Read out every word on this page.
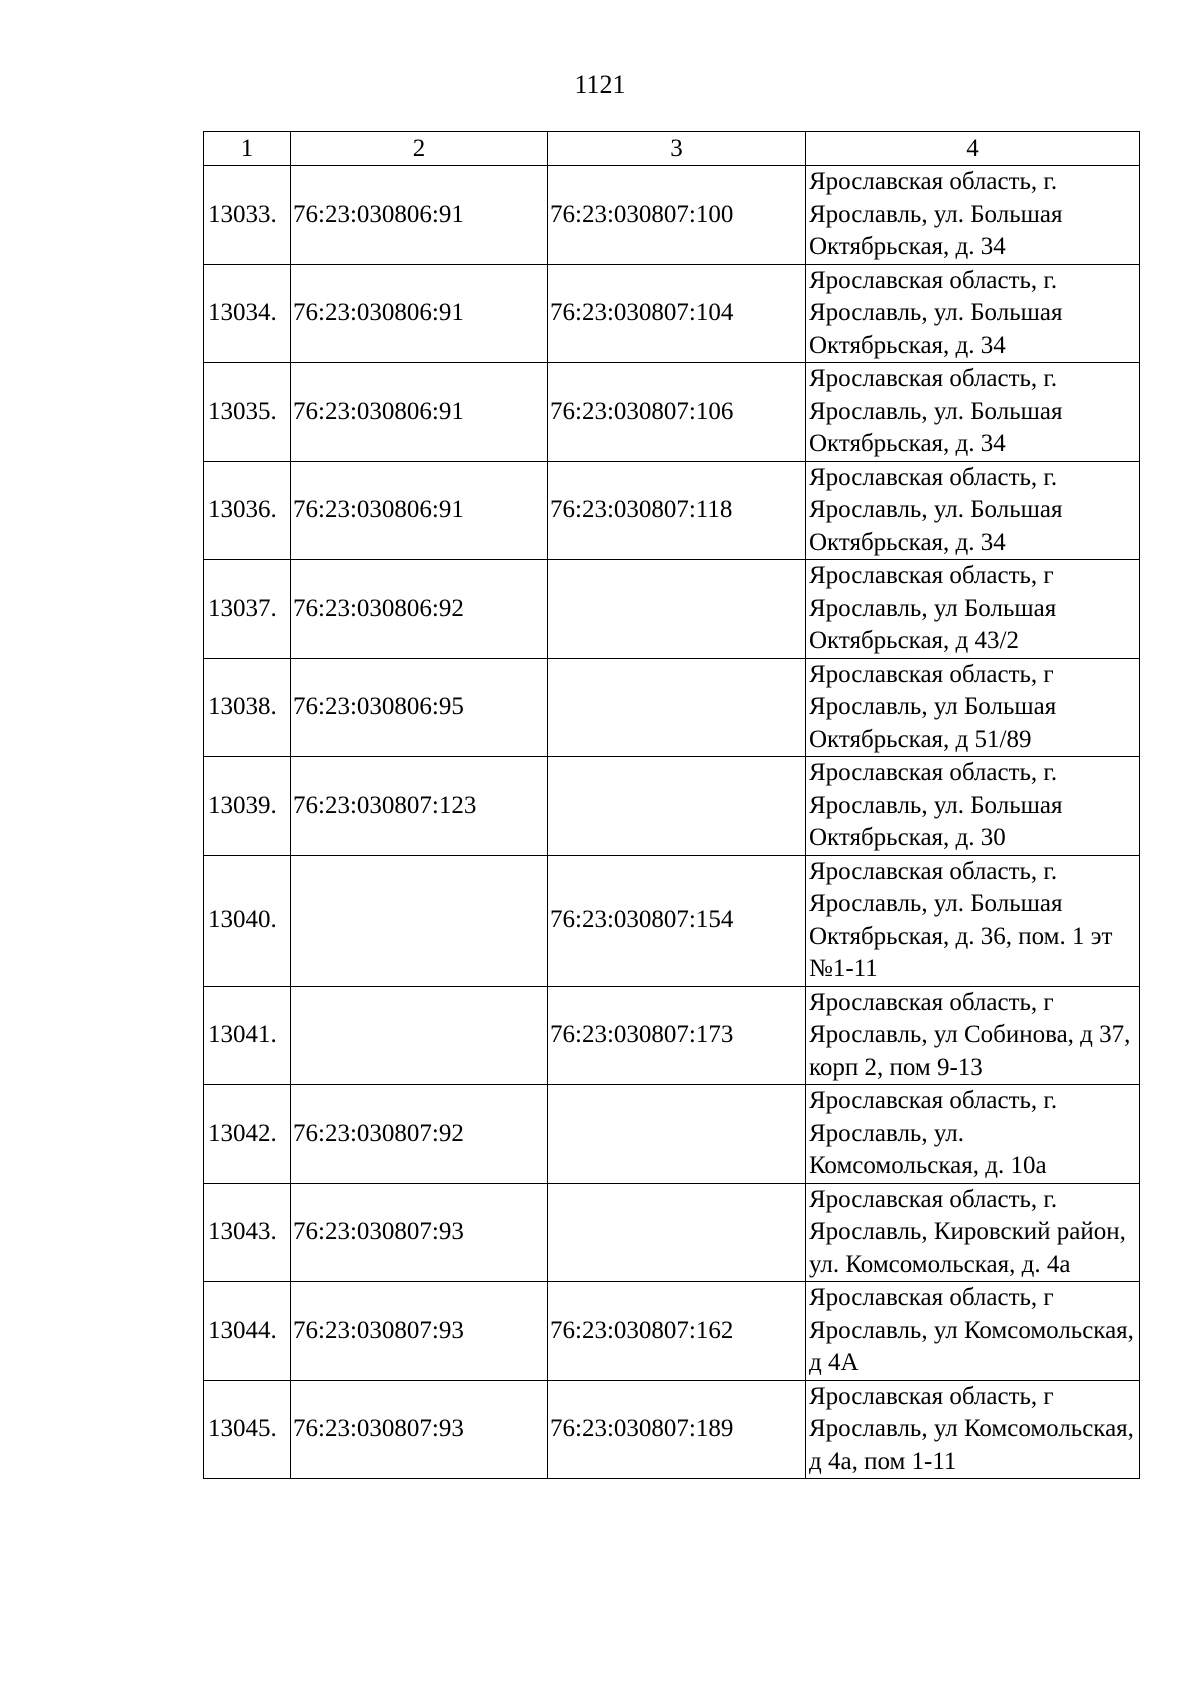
1121
1	2	3	4
13033.	76:23:030806:91	76:23:030807:100	Ярославская область, г. Ярославль, ул. Большая Октябрьская, д. 34
13034.	76:23:030806:91	76:23:030807:104	Ярославская область, г. Ярославль, ул. Большая Октябрьская, д. 34
13035.	76:23:030806:91	76:23:030807:106	Ярославская область, г. Ярославль, ул. Большая Октябрьская, д. 34
13036.	76:23:030806:91	76:23:030807:118	Ярославская область, г. Ярославль, ул. Большая Октябрьская, д. 34
13037.	76:23:030806:92		Ярославская область, г Ярославль, ул Большая Октябрьская, д 43/2
13038.	76:23:030806:95		Ярославская область, г Ярославль, ул Большая Октябрьская, д 51/89
13039.	76:23:030807:123		Ярославская область, г. Ярославль, ул. Большая Октябрьская, д. 30
13040.		76:23:030807:154	Ярославская область, г. Ярославль, ул. Большая Октябрьская, д. 36, пом. 1 эт №1-11
13041.		76:23:030807:173	Ярославская область, г Ярославль, ул Собинова, д 37, корп 2, пом 9-13
13042.	76:23:030807:92		Ярославская область, г. Ярославль, ул. Комсомольская, д. 10а
13043.	76:23:030807:93		Ярославская область, г. Ярославль, Кировский район, ул. Комсомольская, д. 4а
13044.	76:23:030807:93	76:23:030807:162	Ярославская область, г Ярославль, ул Комсомольская, д 4А
13045.	76:23:030807:93	76:23:030807:189	Ярославская область, г Ярославль, ул Комсомольская, д 4а, пом 1-11
